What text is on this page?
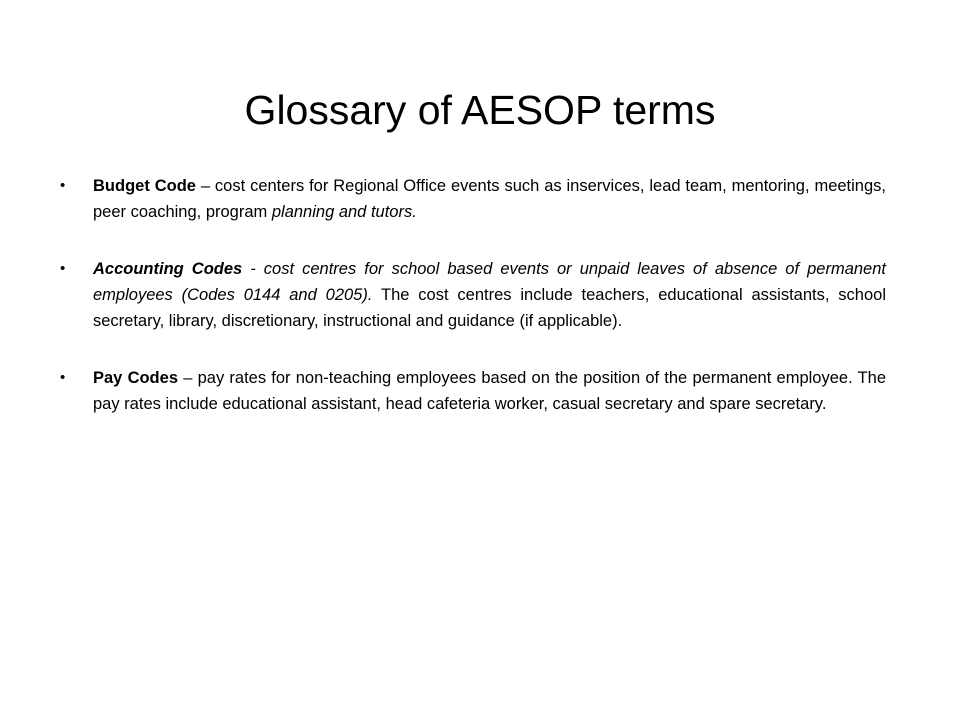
Glossary of AESOP terms
• Budget Code – cost centers for Regional Office events such as inservices, lead team, mentoring, meetings, peer coaching, program planning and tutors.
• Accounting Codes - cost centres for school based events or unpaid leaves of absence of permanent employees (Codes 0144 and 0205). The cost centres include teachers, educational assistants, school secretary, library, discretionary, instructional and guidance (if applicable).
• Pay Codes – pay rates for non-teaching employees based on the position of the permanent employee. The pay rates include educational assistant, head cafeteria worker, casual secretary and spare secretary.
